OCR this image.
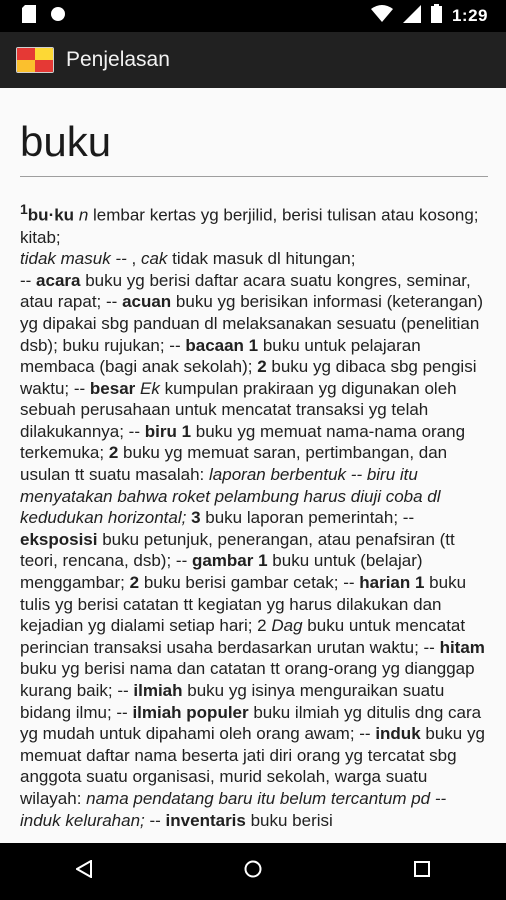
1:29
Penjelasan
buku
$^1$bu·ku n lembar kertas yg berjilid, berisi tulisan atau kosong; kitab;
tidak masuk -- , cak tidak masuk dl hitungan;
-- acara buku yg berisi daftar acara suatu kongres, seminar, atau rapat; -- acuan buku yg berisikan informasi (keterangan) yg dipakai sbg panduan dl melaksanakan sesuatu (penelitian dsb); buku rujukan; -- bacaan 1 buku untuk pelajaran membaca (bagi anak sekolah); 2 buku yg dibaca sbg pengisi waktu; -- besar Ek kumpulan prakiraan yg digunakan oleh sebuah perusahaan untuk mencatat transaksi yg telah dilakukannya; -- biru 1 buku yg memuat nama-nama orang terkemuka; 2 buku yg memuat saran, pertimbangan, dan usulan tt suatu masalah: laporan berbentuk -- biru itu menyatakan bahwa roket pelambung harus diuji coba dl kedudukan horizontal; 3 buku laporan pemerintah; -- eksposisi buku petunjuk, penerangan, atau penafsiran (tt teori, rencana, dsb); -- gambar 1 buku untuk (belajar) menggambar; 2 buku berisi gambar cetak; -- harian 1 buku tulis yg berisi catatan tt kegiatan yg harus dilakukan dan kejadian yg dialami setiap hari; 2 Dag buku untuk mencatat perincian transaksi usaha berdasarkan urutan waktu; -- hitam buku yg berisi nama dan catatan tt orang-orang yg dianggap kurang baik; -- ilmiah buku yg isinya menguraikan suatu bidang ilmu; -- ilmiah populer buku ilmiah yg ditulis dng cara yg mudah untuk dipahami oleh orang awam; -- induk buku yg memuat daftar nama beserta jati diri orang yg tercatat sbg anggota suatu organisasi, murid sekolah, warga suatu wilayah: nama pendatang baru itu belum tercantum pd -- induk kelurahan; -- inventaris buku berisi
